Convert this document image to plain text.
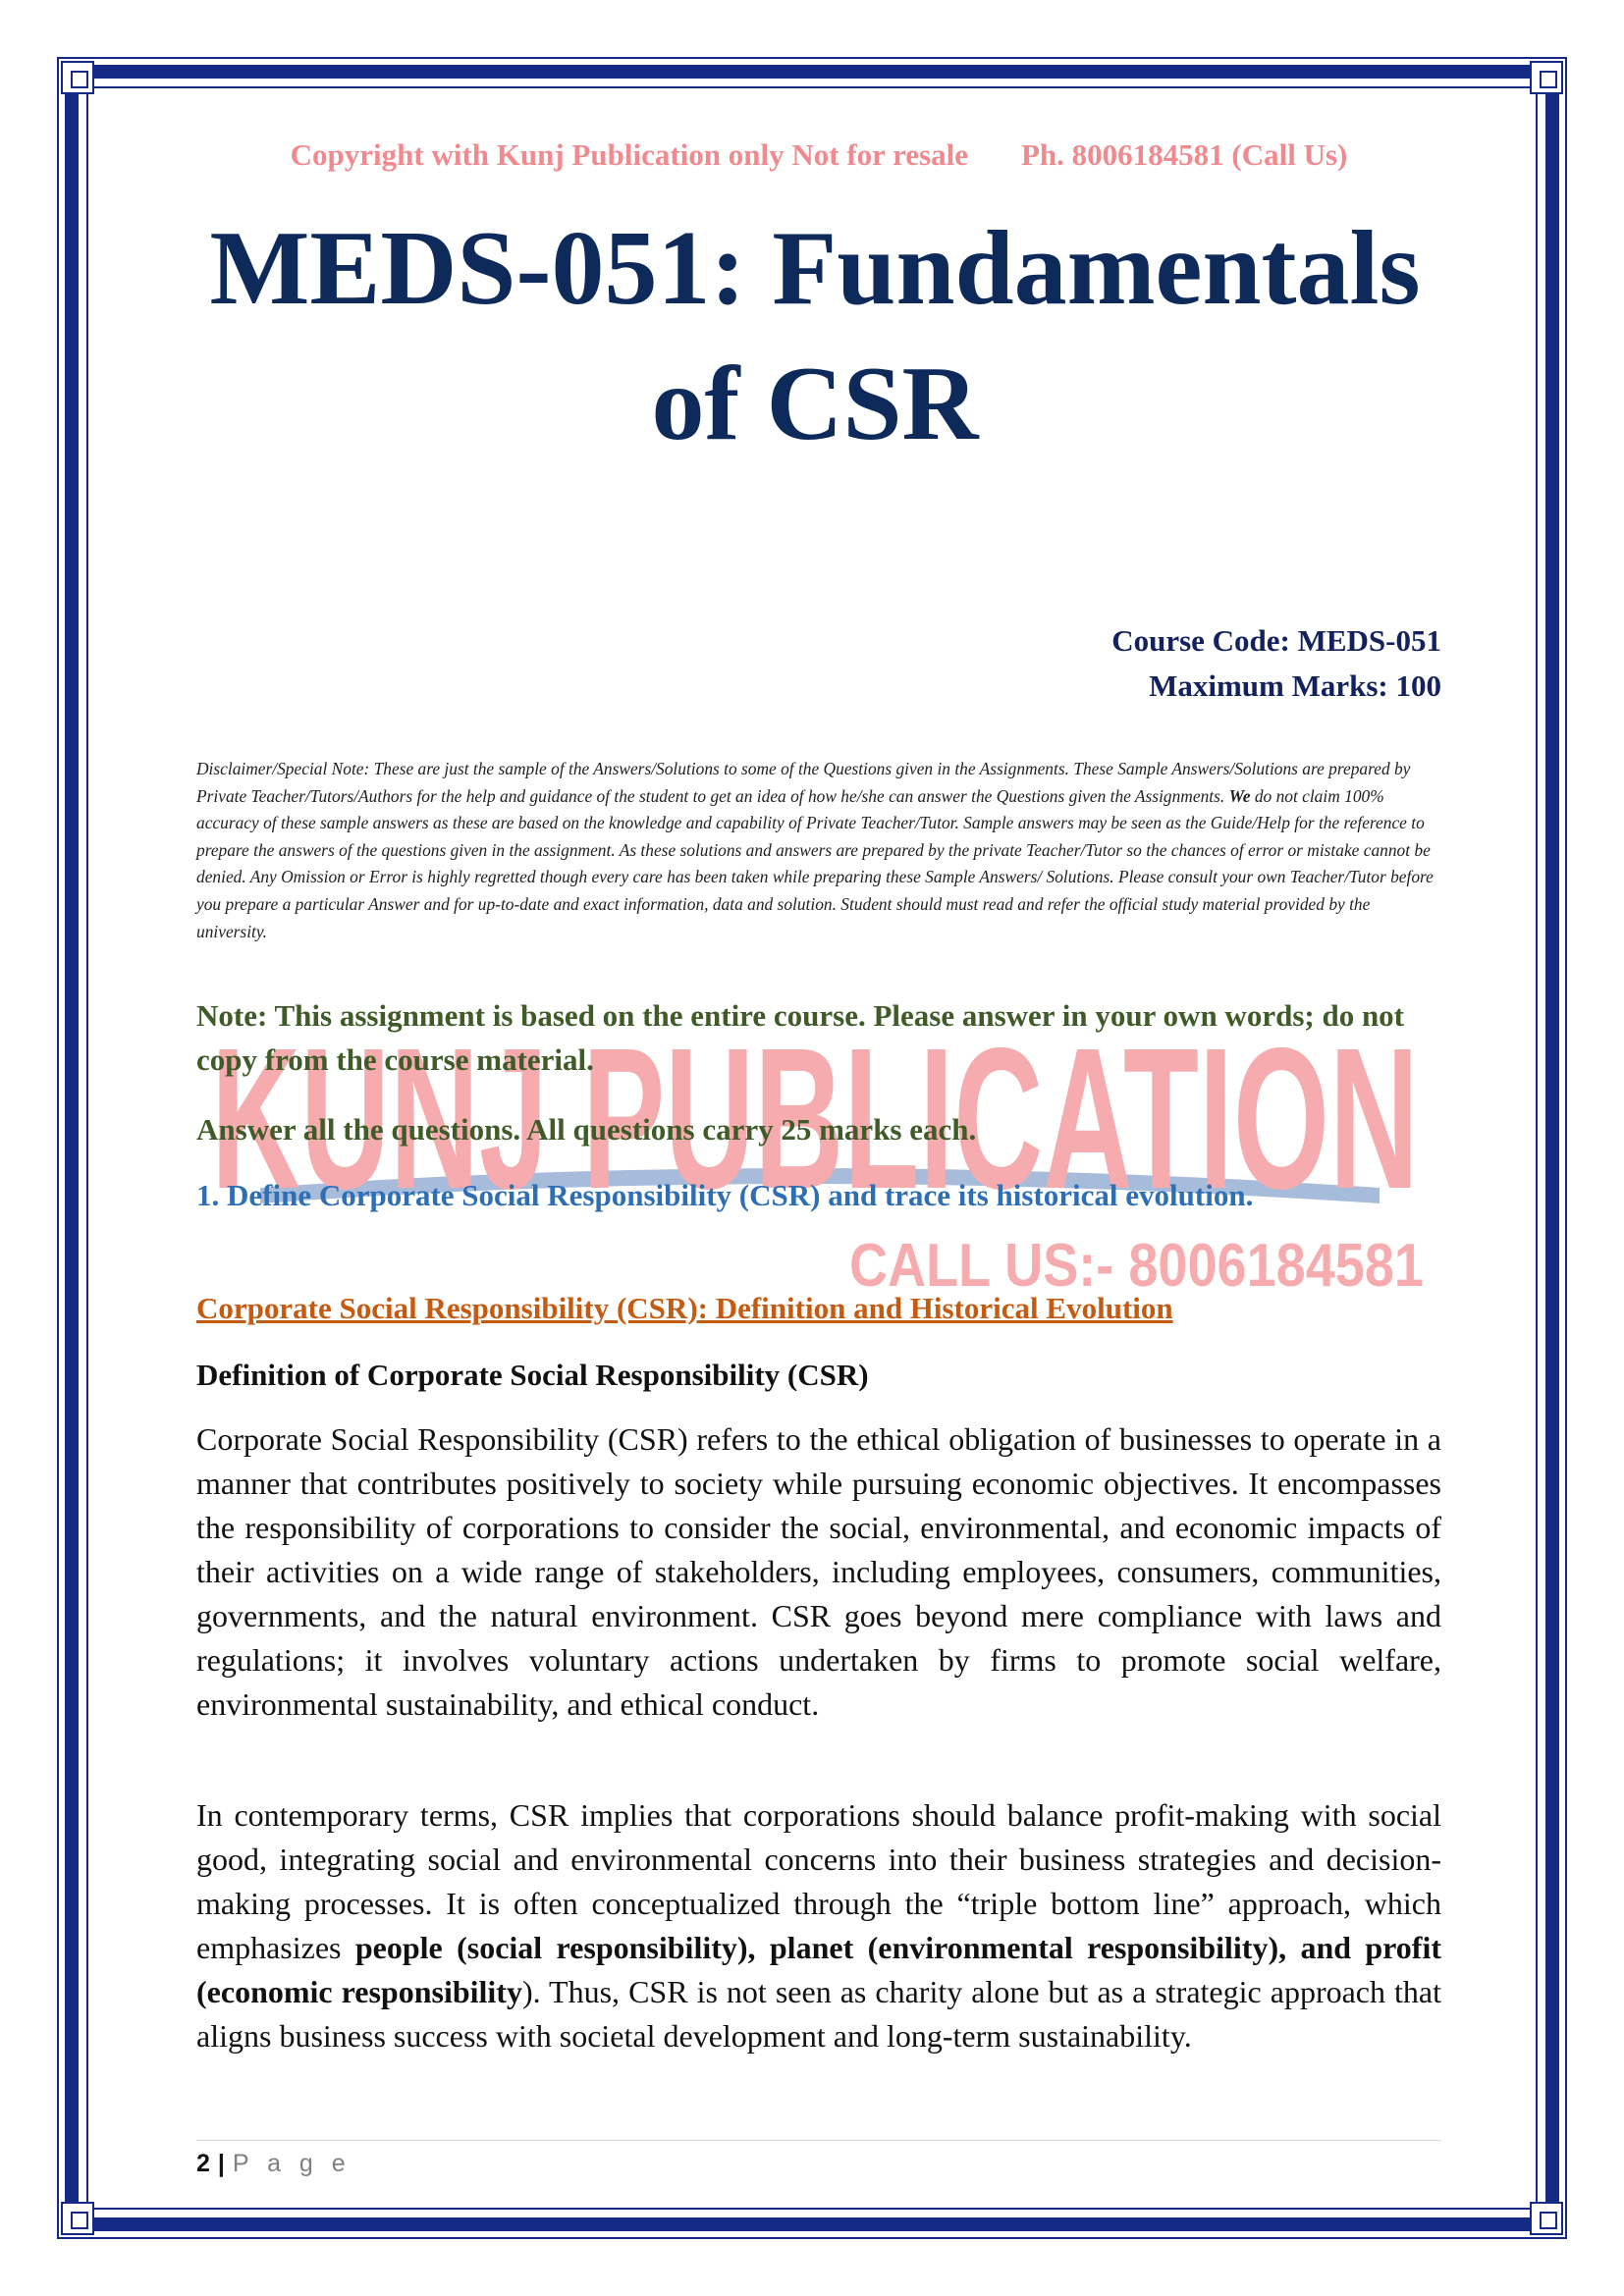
KUNJ PUBLICATION
CALL US:- 8006184581
Copyright with Kunj Publication only Not for resale Ph. 8006184581 (Call Us)
MEDS-051: Fundamentals
of CSR
Course Code: MEDS-051
Maximum Marks: 100
Disclaimer/Special Note: These are just the sample of the Answers/Solutions to some of the Questions given in the Assignments. These Sample Answers/Solutions are prepared by Private Teacher/Tutors/Authors for the help and guidance of the student to get an idea of how he/she can answer the Questions given the Assignments. We do not claim 100% accuracy of these sample answers as these are based on the knowledge and capability of Private Teacher/Tutor. Sample answers may be seen as the Guide/Help for the reference to prepare the answers of the questions given in the assignment. As these solutions and answers are prepared by the private Teacher/Tutor so the chances of error or mistake cannot be denied. Any Omission or Error is highly regretted though every care has been taken while preparing these Sample Answers/ Solutions. Please consult your own Teacher/Tutor before you prepare a particular Answer and for up-to-date and exact information, data and solution. Student should must read and refer the official study material provided by the university.
Note: This assignment is based on the entire course. Please answer in your own words; do not copy from the course material.
Answer all the questions. All questions carry 25 marks each.
1. Define Corporate Social Responsibility (CSR) and trace its historical evolution.
Corporate Social Responsibility (CSR): Definition and Historical Evolution
Definition of Corporate Social Responsibility (CSR)
Corporate Social Responsibility (CSR) refers to the ethical obligation of businesses to operate in a manner that contributes positively to society while pursuing economic objectives. It encompasses the responsibility of corporations to consider the social, environmental, and economic impacts of their activities on a wide range of stakeholders, including employees, consumers, communities, governments, and the natural environment. CSR goes beyond mere compliance with laws and regulations; it involves voluntary actions undertaken by firms to promote social welfare, environmental sustainability, and ethical conduct.
In contemporary terms, CSR implies that corporations should balance profit-making with social good, integrating social and environmental concerns into their business strategies and decision-making processes. It is often conceptualized through the “triple bottom line” approach, which emphasizes people (social responsibility), planet (environmental responsibility), and profit (economic responsibility). Thus, CSR is not seen as charity alone but as a strategic approach that aligns business success with societal development and long-term sustainability.
2 | P a g e
